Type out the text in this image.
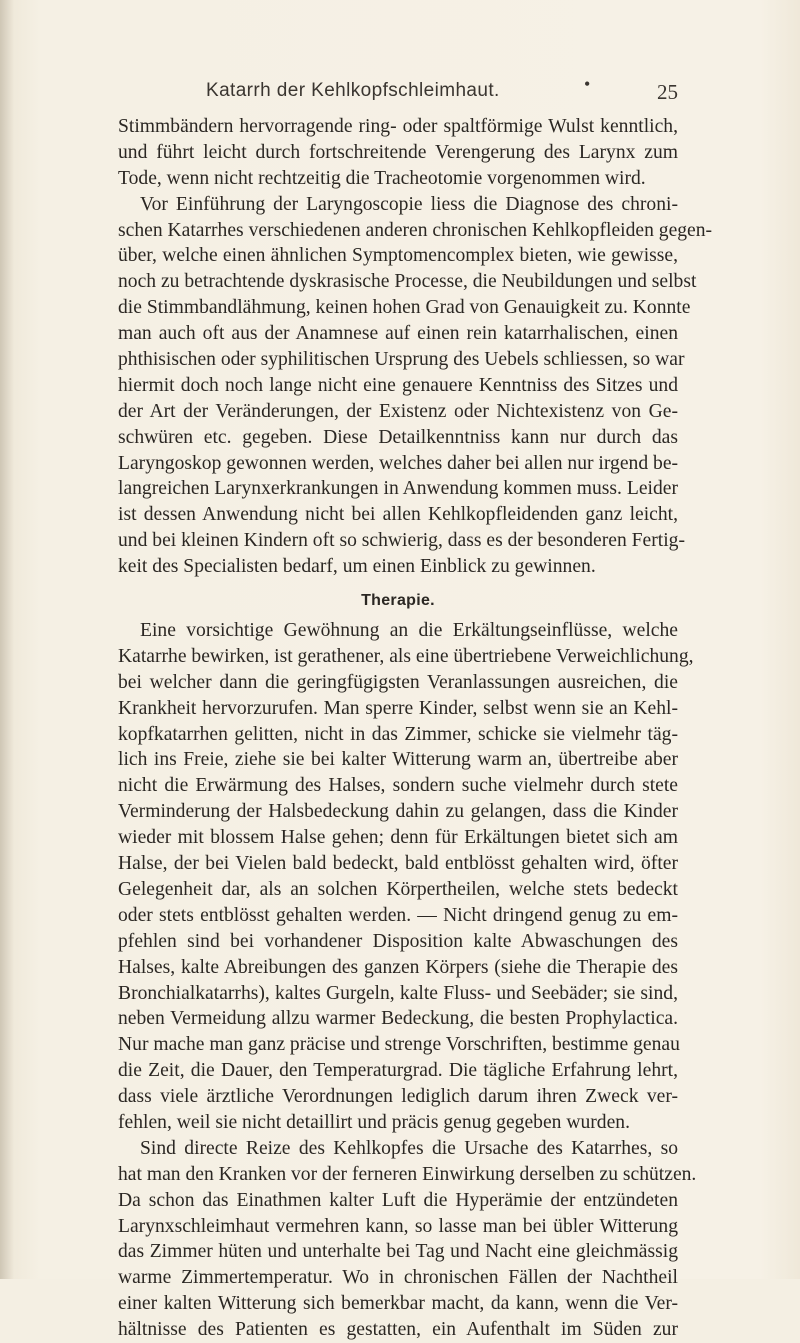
Katarrh der Kehlkopfschleimhaut.	•	25
Stimmbändern hervorragende ring- oder spaltförmige Wulst kenntlich,
und führt leicht durch fortschreitende Verengerung des Larynx zum
Tode, wenn nicht rechtzeitig die Tracheotomie vorgenommen wird.
Vor Einführung der Laryngoscopie liess die Diagnose des chroni-
schen Katarrhes verschiedenen anderen chronischen Kehlkopfleiden gegen-
über, welche einen ähnlichen Symptomencomplex bieten, wie gewisse,
noch zu betrachtende dyskrasische Processe, die Neubildungen und selbst
die Stimmbandlähmung, keinen hohen Grad von Genauigkeit zu. Konnte
man auch oft aus der Anamnese auf einen rein katarrhalischen, einen
phthisischen oder syphilitischen Ursprung des Uebels schliessen, so war
hiermit doch noch lange nicht eine genauere Kenntniss des Sitzes und
der Art der Veränderungen, der Existenz oder Nichtexistenz von Ge-
schwüren etc. gegeben. Diese Detailkenntniss kann nur durch das
Laryngoskop gewonnen werden, welches daher bei allen nur irgend be-
langreichen Larynxerkrankungen in Anwendung kommen muss. Leider
ist dessen Anwendung nicht bei allen Kehlkopfleidenden ganz leicht,
und bei kleinen Kindern oft so schwierig, dass es der besonderen Fertig-
keit des Specialisten bedarf, um einen Einblick zu gewinnen.
Therapie.
Eine vorsichtige Gewöhnung an die Erkältungseinflüsse, welche
Katarrhe bewirken, ist gerathener, als eine übertriebene Verweichlichung,
bei welcher dann die geringfügigsten Veranlassungen ausreichen, die
Krankheit hervorzurufen. Man sperre Kinder, selbst wenn sie an Kehl-
kopfkatarrhen gelitten, nicht in das Zimmer, schicke sie vielmehr täg-
lich ins Freie, ziehe sie bei kalter Witterung warm an, übertreibe aber
nicht die Erwärmung des Halses, sondern suche vielmehr durch stete
Verminderung der Halsbedeckung dahin zu gelangen, dass die Kinder
wieder mit blossem Halse gehen; denn für Erkältungen bietet sich am
Halse, der bei Vielen bald bedeckt, bald entblösst gehalten wird, öfter
Gelegenheit dar, als an solchen Körpertheilen, welche stets bedeckt
oder stets entblösst gehalten werden. — Nicht dringend genug zu em-
pfehlen sind bei vorhandener Disposition kalte Abwaschungen des
Halses, kalte Abreibungen des ganzen Körpers (siehe die Therapie des
Bronchialkatarrhs), kaltes Gurgeln, kalte Fluss- und Seebäder; sie sind,
neben Vermeidung allzu warmer Bedeckung, die besten Prophylactica.
Nur mache man ganz präcise und strenge Vorschriften, bestimme genau
die Zeit, die Dauer, den Temperaturgrad. Die tägliche Erfahrung lehrt,
dass viele ärztliche Verordnungen lediglich darum ihren Zweck ver-
fehlen, weil sie nicht detaillirt und präcis genug gegeben wurden.
Sind directe Reize des Kehlkopfes die Ursache des Katarrhes, so
hat man den Kranken vor der ferneren Einwirkung derselben zu schützen.
Da schon das Einathmen kalter Luft die Hyperämie der entzündeten
Larynxschleimhaut vermehren kann, so lasse man bei übler Witterung
das Zimmer hüten und unterhalte bei Tag und Nacht eine gleichmässig
warme Zimmertemperatur. Wo in chronischen Fällen der Nachtheil
einer kalten Witterung sich bemerkbar macht, da kann, wenn die Ver-
hältnisse des Patienten es gestatten, ein Aufenthalt im Süden zur
